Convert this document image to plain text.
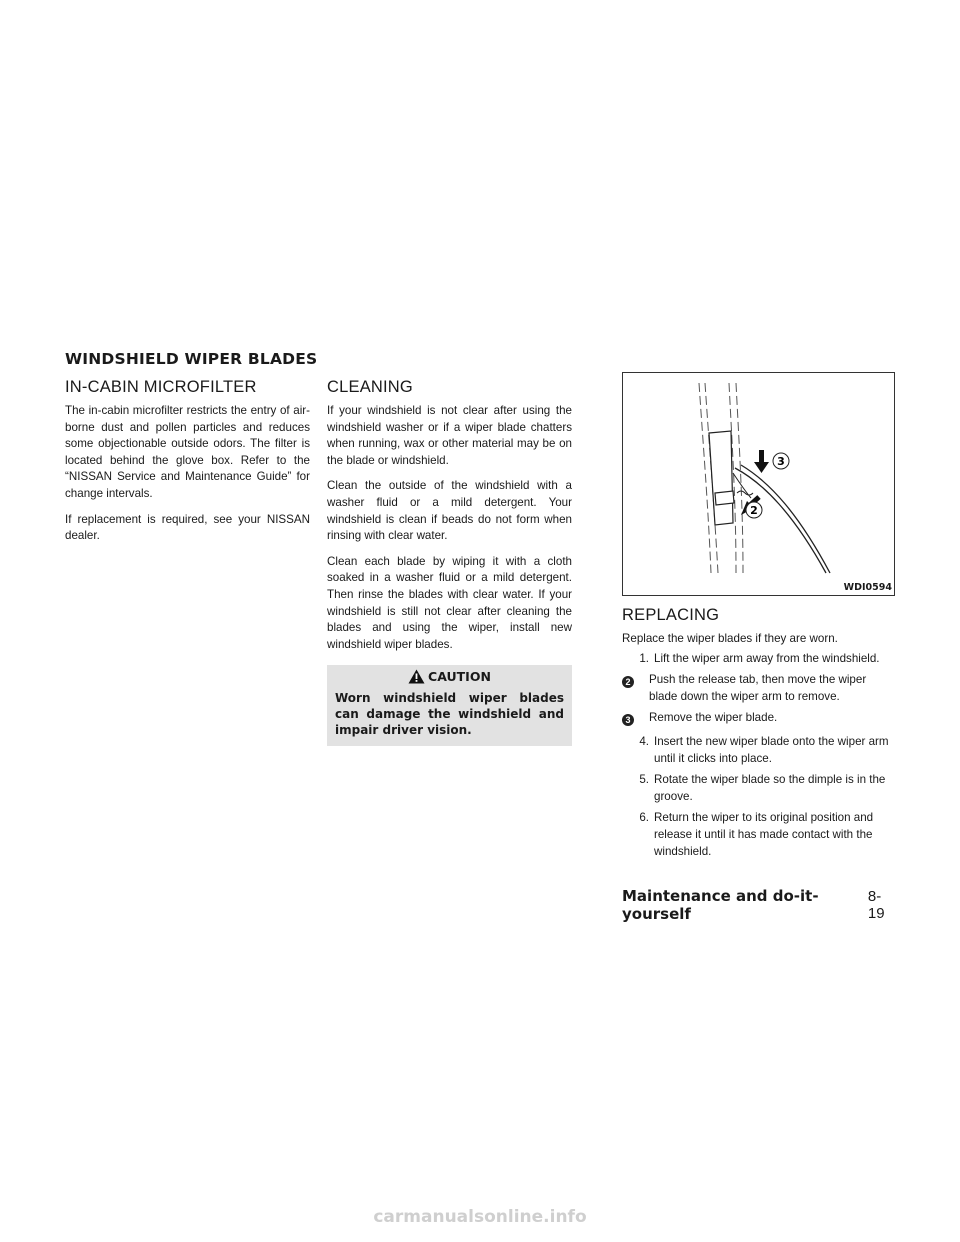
WINDSHIELD WIPER BLADES
IN-CABIN MICROFILTER

The in-cabin microfilter restricts the entry of air-borne dust and pollen particles and reduces some objectionable outside odors. The filter is located behind the glove box. Refer to the “NISSAN Service and Maintenance Guide” for change intervals.

If replacement is required, see your NISSAN dealer.

CLEANING

If your windshield is not clear after using the windshield washer or if a wiper blade chatters when running, wax or other material may be on the blade or windshield.

Clean the outside of the windshield with a washer fluid or a mild detergent. Your windshield is clean if beads do not form when rinsing with clear water.

Clean each blade by wiping it with a cloth soaked in a washer fluid or a mild detergent. Then rinse the blades with clear water. If your windshield is still not clear after cleaning the blades and using the wiper, install new windshield wiper blades.

CAUTION
Worn windshield wiper blades can damage the windshield and impair driver vision.
3
2
WDI0594
REPLACING

Replace the wiper blades if they are worn.

1. Lift the wiper arm away from the windshield.
2	Push the release tab, then move the wiper blade down the wiper arm to remove.
3	Remove the wiper blade.
4. Insert the new wiper blade onto the wiper arm until it clicks into place.
5. Rotate the wiper blade so the dimple is in the groove.
6. Return the wiper to its original position and release it until it has made contact with the windshield.
Maintenance and do-it-yourself
8-19
carmanualsonline.info
